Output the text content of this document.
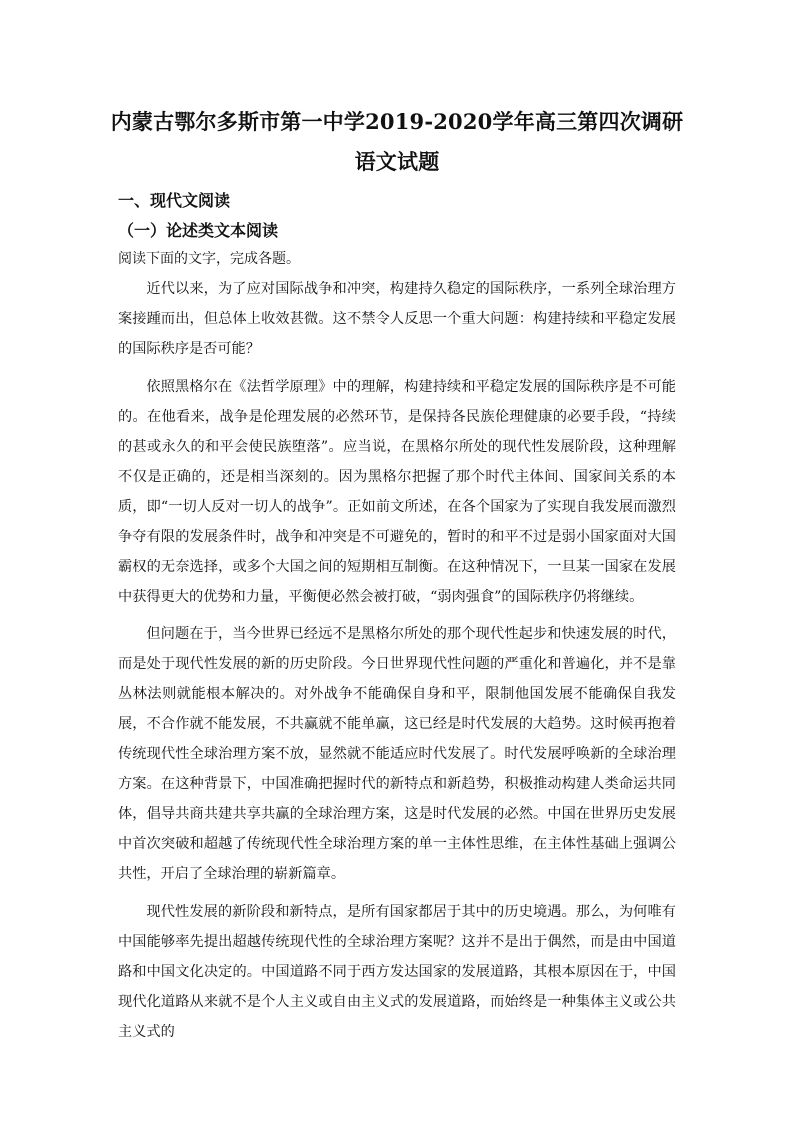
内蒙古鄂尔多斯市第一中学2019-2020学年高三第四次调研
语文试题
一、现代文阅读
（一）论述类文本阅读
阅读下面的文字，完成各题。

近代以来，为了应对国际战争和冲突，构建持久稳定的国际秩序，一系列全球治理方案接踵而出，但总体上收效甚微。这不禁令人反思一个重大问题：构建持续和平稳定发展的国际秩序是否可能？

依照黑格尔在《法哲学原理》中的理解，构建持续和平稳定发展的国际秩序是不可能的。在他看来，战争是伦理发展的必然环节，是保持各民族伦理健康的必要手段，“持续的甚或永久的和平会使民族堕落”。应当说，在黑格尔所处的现代性发展阶段，这种理解不仅是正确的，还是相当深刻的。因为黑格尔把握了那个时代主体间、国家间关系的本质，即“一切人反对一切人的战争”。正如前文所述，在各个国家为了实现自我发展而激烈争夺有限的发展条件时，战争和冲突是不可避免的，暂时的和平不过是弱小国家面对大国霸权的无奈选择，或多个大国之间的短期相互制衡。在这种情况下，一旦某一国家在发展中获得更大的优势和力量，平衡便必然会被打破，“弱肉强食”的国际秩序仍将继续。

但问题在于，当今世界已经远不是黑格尔所处的那个现代性起步和快速发展的时代，而是处于现代性发展的新的历史阶段。今日世界现代性问题的严重化和普遍化，并不是靠丛林法则就能根本解决的。对外战争不能确保自身和平，限制他国发展不能确保自我发展，不合作就不能发展，不共赢就不能单赢，这已经是时代发展的大趋势。这时候再抱着传统现代性全球治理方案不放，显然就不能适应时代发展了。时代发展呼唤新的全球治理方案。在这种背景下，中国准确把握时代的新特点和新趋势，积极推动构建人类命运共同体，倡导共商共建共享共赢的全球治理方案，这是时代发展的必然。中国在世界历史发展中首次突破和超越了传统现代性全球治理方案的单一主体性思维，在主体性基础上强调公共性，开启了全球治理的崭新篇章。

现代性发展的新阶段和新特点，是所有国家都居于其中的历史境遇。那么，为何唯有中国能够率先提出超越传统现代性的全球治理方案呢？这并不是出于偶然，而是由中国道路和中国文化决定的。中国道路不同于西方发达国家的发展道路，其根本原因在于，中国现代化道路从来就不是个人主义或自由主义式的发展道路，而始终是一种集体主义或公共主义式的
